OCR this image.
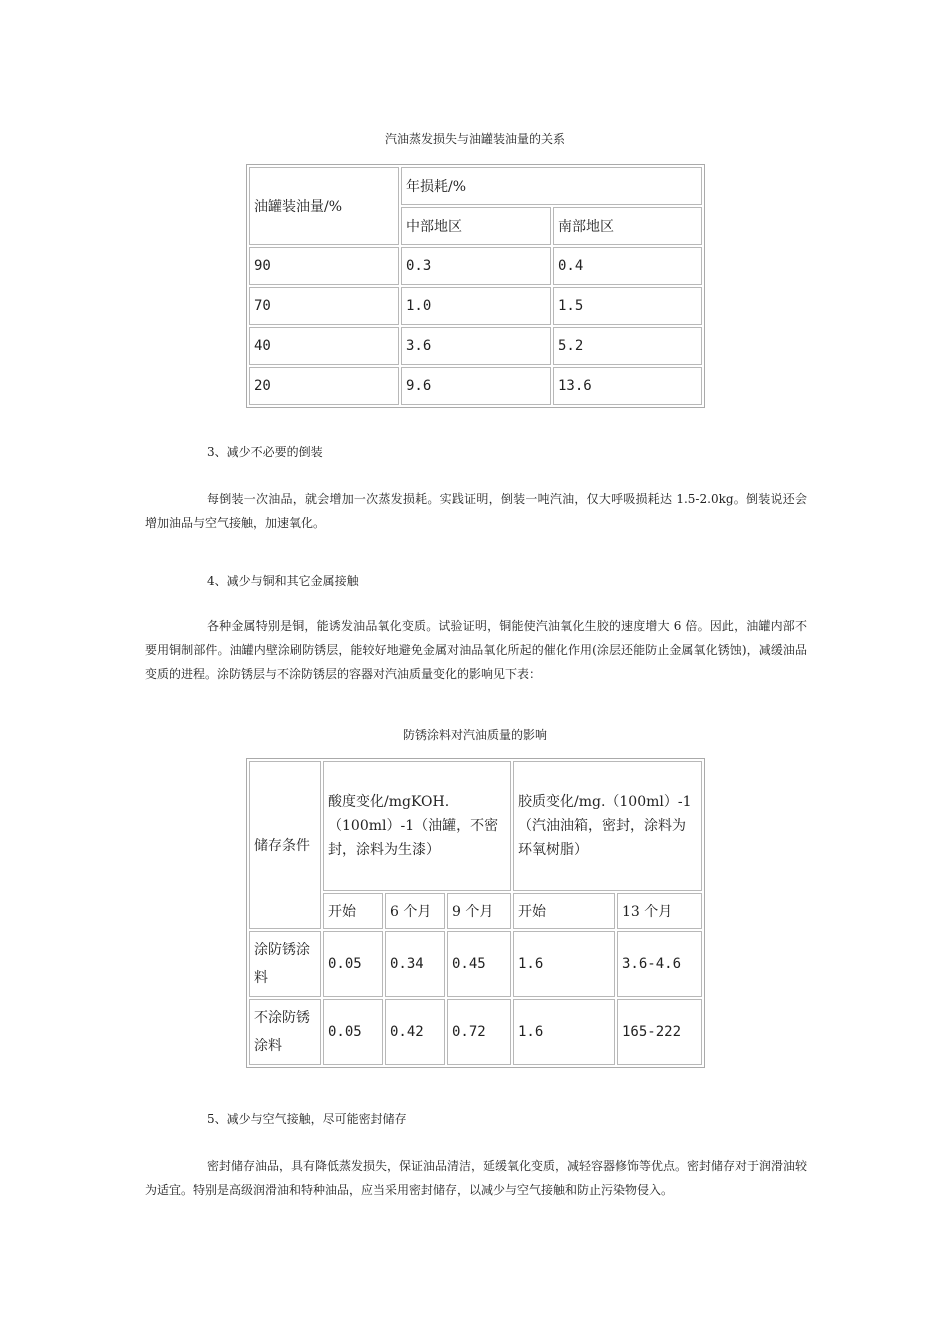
汽油蒸发损失与油罐装油量的关系
油罐装油量/%	年损耗/%	
	中部地区	南部地区
90	0.3	0.4
70	1.0	1.5
40	3.6	5.2
20	9.6	13.6
3、减少不必要的倒装
每倒装一次油品，就会增加一次蒸发损耗。实践证明，倒装一吨汽油，仅大呼吸损耗达 1.5-2.0kg。倒装说还会增加油品与空气接触，加速氧化。
4、减少与铜和其它金属接触
各种金属特别是铜，能诱发油品氧化变质。试验证明，铜能使汽油氧化生胶的速度增大 6 倍。因此，油罐内部不要用铜制部件。油罐内壁涂刷防锈层，能较好地避免金属对油品氧化所起的催化作用(涂层还能防止金属氧化锈蚀)，减缓油品变质的进程。涂防锈层与不涂防锈层的容器对汽油质量变化的影响见下表：
防锈涂料对汽油质量的影响
储存条件	酸度变化/mgKOH.（100ml）-1（油罐，不密封，涂料为生漆）			胶质变化/mg.（100ml）-1（汽油油箱，密封，涂料为环氧树脂）	
	开始	6 个月	9 个月	开始	13 个月
涂防锈涂料	0.05	0.34	0.45	1.6	3.6-4.6
不涂防锈涂料	0.05	0.42	0.72	1.6	165-222
5、减少与空气接触，尽可能密封储存
密封储存油品，具有降低蒸发损失，保证油品清洁，延缓氧化变质，减轻容器修饰等优点。密封储存对于润滑油较为适宜。特别是高级润滑油和特种油品，应当采用密封储存，以减少与空气接触和防止污染物侵入。
